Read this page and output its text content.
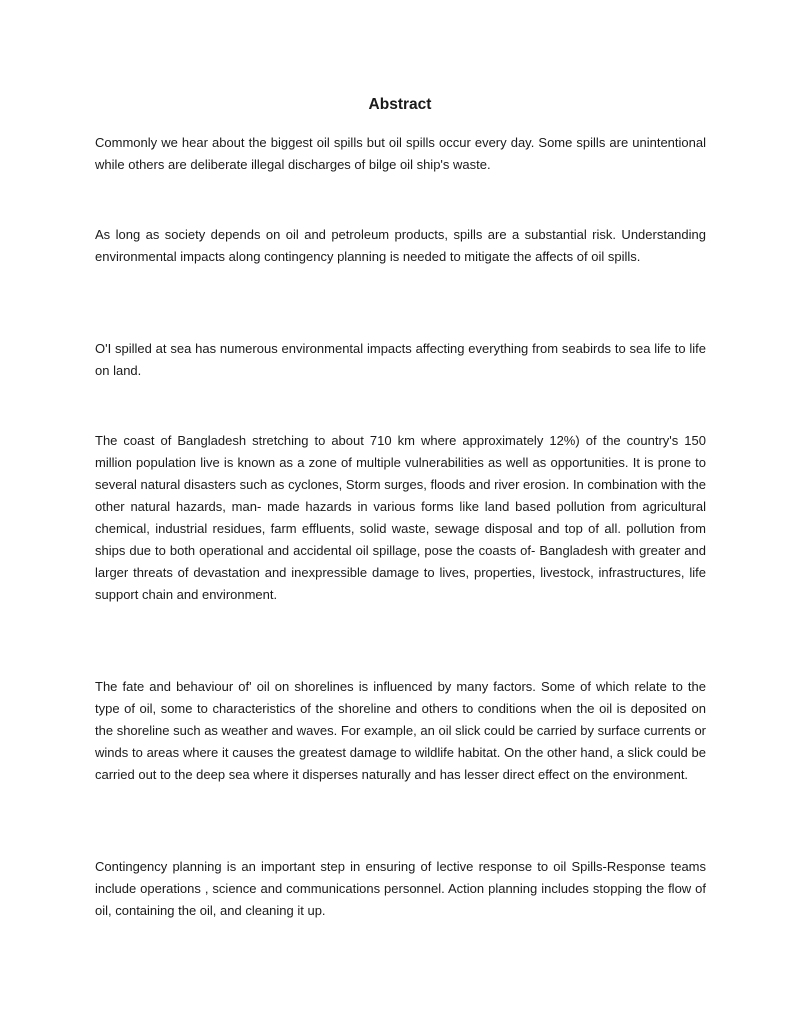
Abstract

Commonly we hear about the biggest oil spills but oil spills occur every day. Some spills are unintentional while others are deliberate illegal discharges of bilge oil ship's waste.

As long as society depends on oil and petroleum products, spills are a substantial risk. Understanding environmental impacts along contingency planning is needed to mitigate the affects of oil spills.

O'I spilled at sea has numerous environmental impacts affecting everything from seabirds to sea life to life on land.

The coast of Bangladesh stretching to about 710 km where approximately 12%) of the country's 150 million population live is known as a zone of multiple vulnerabilities as well as opportunities. It is prone to several natural disasters such as cyclones, Storm surges, floods and river erosion. In combination with the other natural hazards, man- made hazards in various forms like land based pollution from agricultural chemical, industrial residues, farm effluents, solid waste, sewage disposal and top of all. pollution from ships due to both operational and accidental oil spillage, pose the coasts of- Bangladesh with greater and larger threats of devastation and inexpressible damage to lives, properties, livestock, infrastructures, life support chain and environment.

The fate and behaviour of' oil on shorelines is influenced by many factors. Some of which relate to the type of oil, some to characteristics of the shoreline and others to conditions when the oil is deposited on the shoreline such as weather and waves. For example, an oil slick could be carried by surface currents or winds to areas where it causes the greatest damage to wildlife habitat. On the other hand, a slick could be carried out to the deep sea where it disperses naturally and has lesser direct effect on the environment.

Contingency planning is an important step in ensuring of lective response to oil Spills-Response teams include operations , science and communications personnel. Action planning includes stopping the flow of oil, containing the oil, and cleaning it up.
